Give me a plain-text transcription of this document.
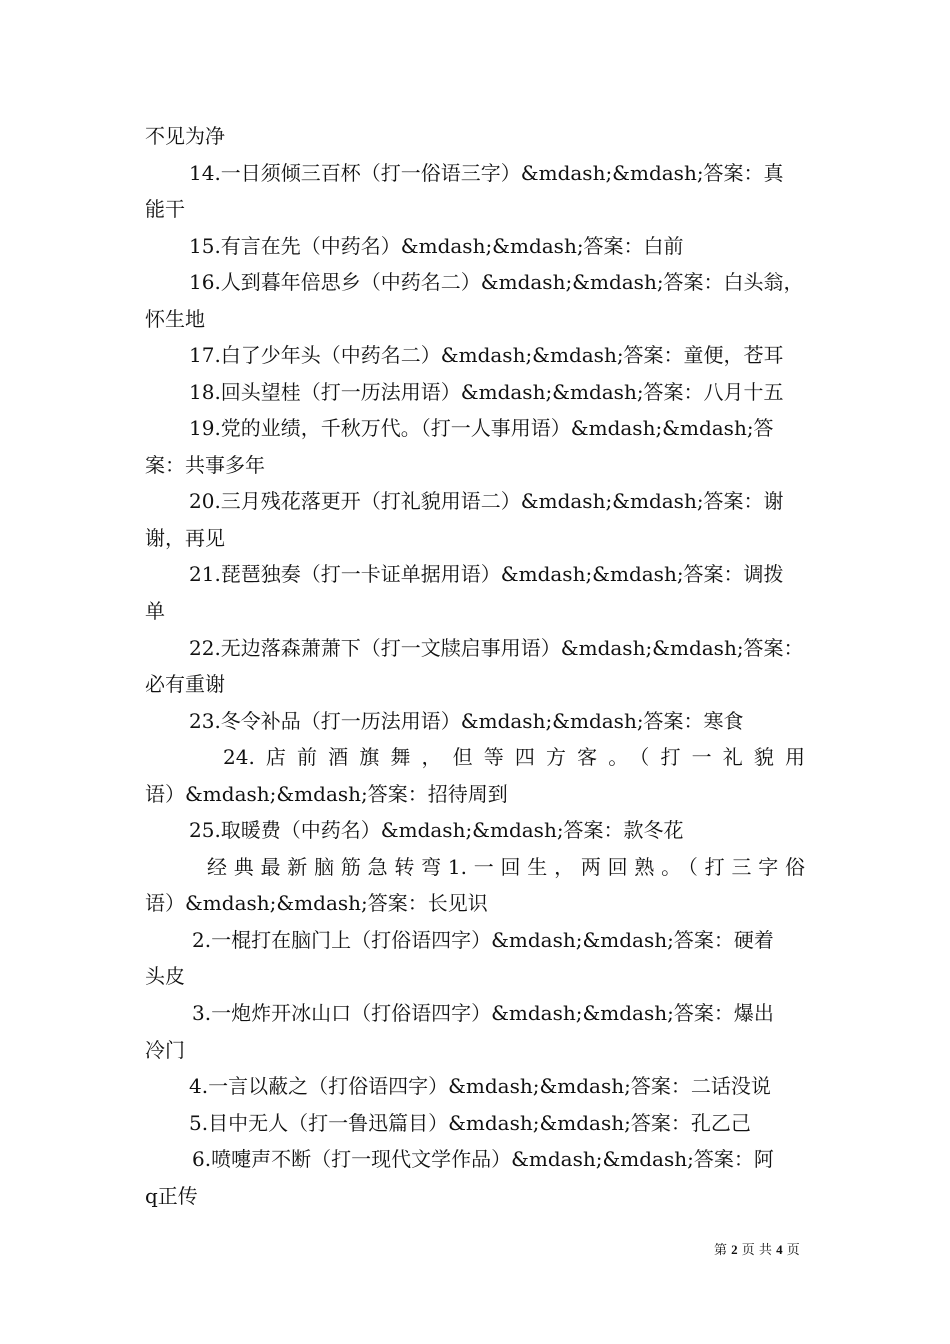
不见为净

14.一日须倾三百杯（打一俗语三字）&mdash;&mdash;答案：真

能干

15.有言在先（中药名）&mdash;&mdash;答案：白前

16.人到暮年倍思乡（中药名二）&mdash;&mdash;答案：白头翁，

怀生地

17.白了少年头（中药名二）&mdash;&mdash;答案：童便，苍耳

18.回头望桂（打一历法用语）&mdash;&mdash;答案：八月十五

19.党的业绩，千秋万代。（打一人事用语）&mdash;&mdash;答

案：共事多年

20.三月残花落更开（打礼貌用语二）&mdash;&mdash;答案：谢

谢，再见

21.琵琶独奏（打一卡证单据用语）&mdash;&mdash;答案：调拨

单

22.无边落森萧萧下（打一文牍启事用语）&mdash;&mdash;答案：

必有重谢

23.冬令补品（打一历法用语）&mdash;&mdash;答案：寒食

24.店前酒旗舞，但等四方客。（打一礼貌用

语）&mdash;&mdash;答案：招待周到

25.取暖费（中药名）&mdash;&mdash;答案：款冬花

经典最新脑筋急转弯1.一回生，两回熟。（打三字俗

语）&mdash;&mdash;答案：长见识

2.一棍打在脑门上（打俗语四字）&mdash;&mdash;答案：硬着

头皮

3.一炮炸开冰山口（打俗语四字）&mdash;&mdash;答案：爆出

冷门

4.一言以蔽之（打俗语四字）&mdash;&mdash;答案：二话没说

5.目中无人（打一鲁迅篇目）&mdash;&mdash;答案：孔乙己

6.喷嚏声不断（打一现代文学作品）&mdash;&mdash;答案：阿

q正传

第 2 页 共 4 页
